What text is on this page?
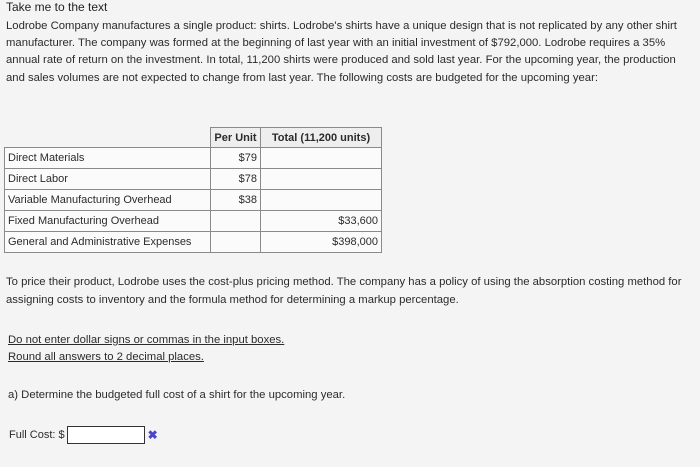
Take me to the text
Lodrobe Company manufactures a single product: shirts. Lodrobe's shirts have a unique design that is not replicated by any other shirt manufacturer. The company was formed at the beginning of last year with an initial investment of $792,000. Lodrobe requires a 35% annual rate of return on the investment. In total, 11,200 shirts were produced and sold last year. For the upcoming year, the production and sales volumes are not expected to change from last year. The following costs are budgeted for the upcoming year:
	Per Unit	Total (11,200 units)
Direct Materials	$79	
Direct Labor	$78	
Variable Manufacturing Overhead	$38	
Fixed Manufacturing Overhead		$33,600
General and Administrative Expenses		$398,000
To price their product, Lodrobe uses the cost-plus pricing method. The company has a policy of using the absorption costing method for assigning costs to inventory and the formula method for determining a markup percentage.
Do not enter dollar signs or commas in the input boxes.
Round all answers to 2 decimal places.
a) Determine the budgeted full cost of a shirt for the upcoming year.
Full Cost: $	✖
